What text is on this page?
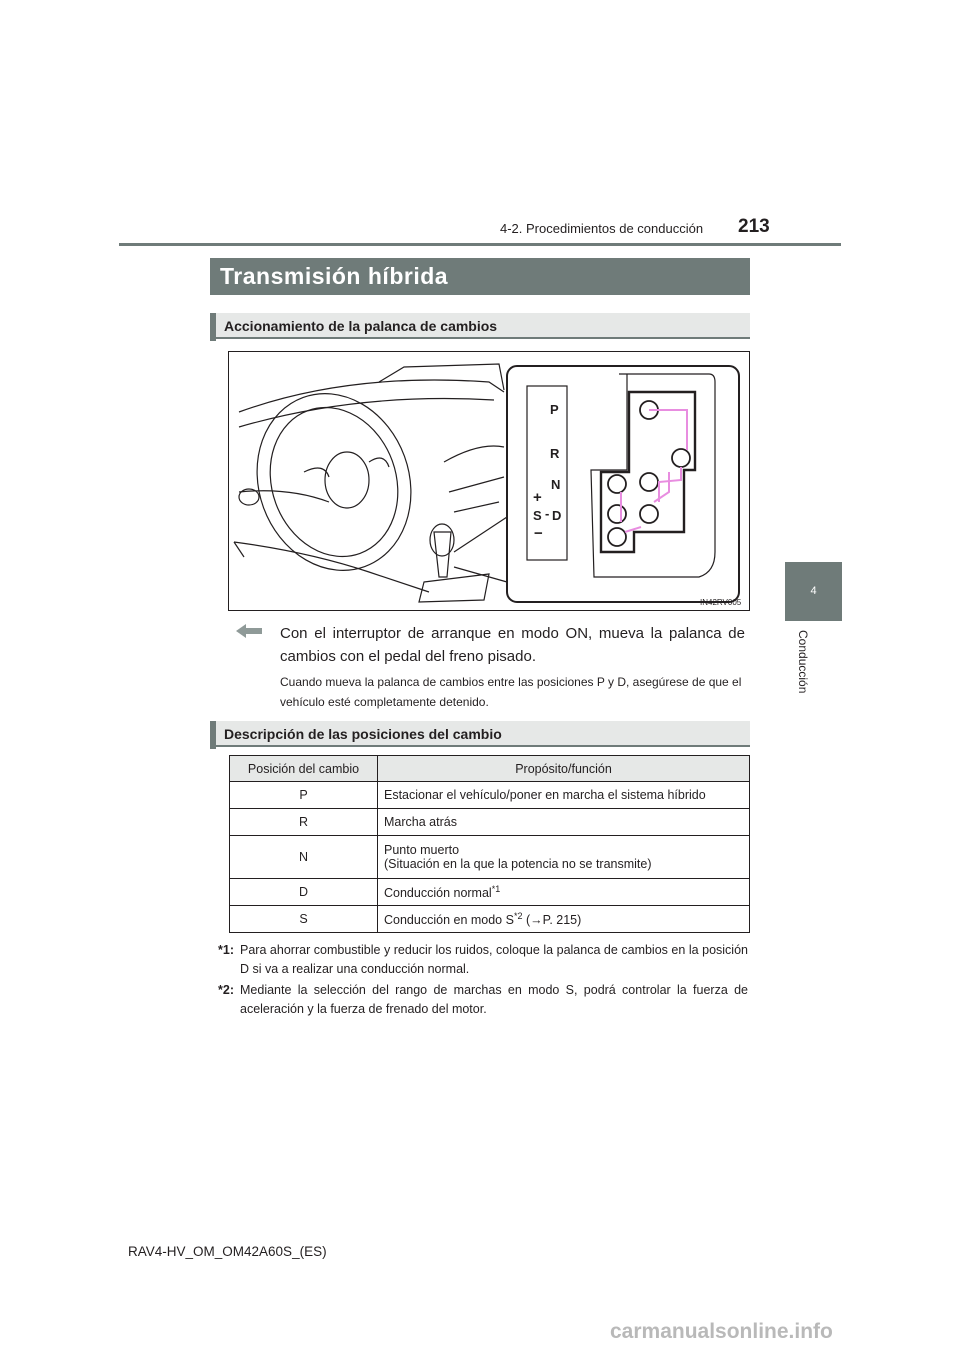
4-2. Procedimientos de conducción 213
4
Conducción
Transmisión híbrida
Accionamiento de la palanca de cambios
P
R
N
+
S - D
−
IN42RV005
Con el interruptor de arranque en modo ON, mueva la palanca de cambios con el pedal del freno pisado.
Cuando mueva la palanca de cambios entre las posiciones P y D, asegúrese de que el vehículo esté completamente detenido.
Descripción de las posiciones del cambio
Posición del cambio	Propósito/función
P	Estacionar el vehículo/poner en marcha el sistema híbrido
R	Marcha atrás
N	Punto muerto
(Situación en la que la potencia no se transmite)

D	Conducción normal$^{*1}$
S	Conducción en modo $S^{*2}$ (→P. 215)
*1: Para ahorrar combustible y reducir los ruidos, coloque la palanca de cambios en la posición D si va a realizar una conducción normal.
*2: Mediante la selección del rango de marchas en modo S, podrá controlar la fuerza de aceleración y la fuerza de frenado del motor.
RAV4-HV_OM_OM42A60S_(ES)
carmanualsonline.info
